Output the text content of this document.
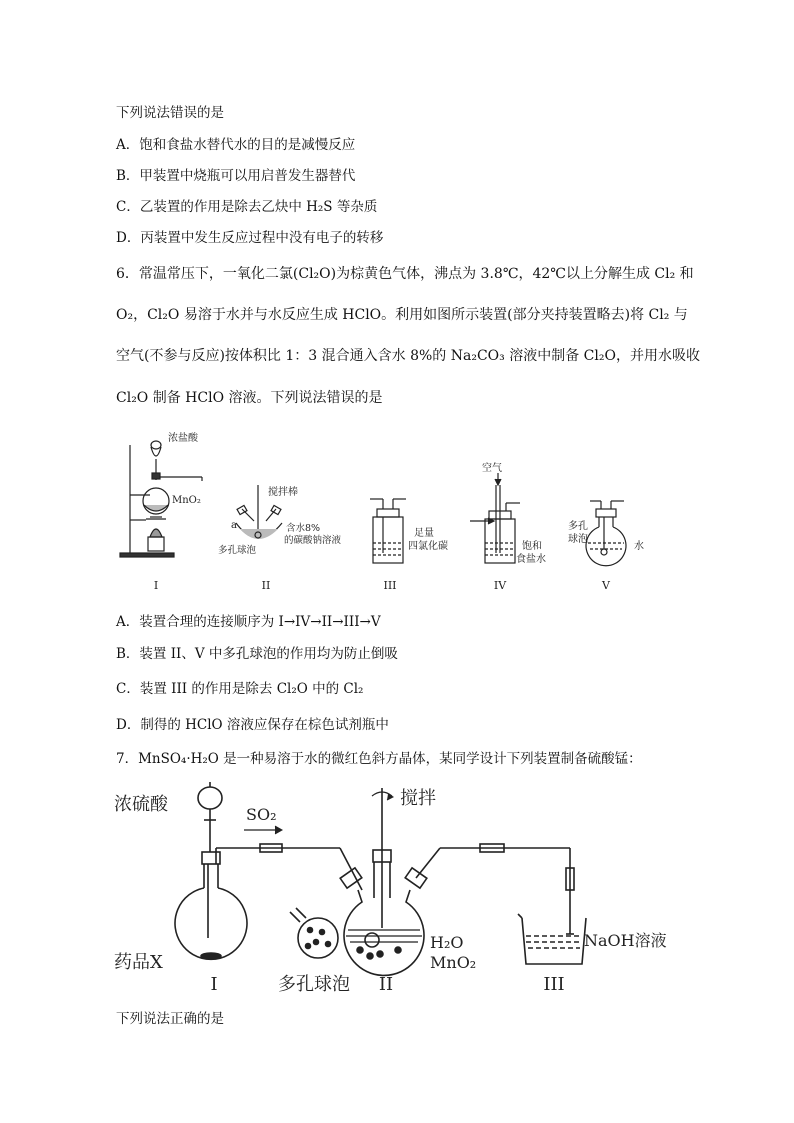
下列说法错误的是
A．饱和食盐水替代水的目的是减慢反应
B．甲装置中烧瓶可以用启普发生器替代
C．乙装置的作用是除去乙炔中 H₂S 等杂质
D．丙装置中发生反应过程中没有电子的转移
6．常温常压下，一氧化二氯(Cl₂O)为棕黄色气体，沸点为 3.8℃，42℃以上分解生成 Cl₂ 和
O₂，Cl₂O 易溶于水并与水反应生成 HClO。利用如图所示装置(部分夹持装置略去)将 Cl₂ 与
空气(不参与反应)按体积比 1：3 混合通入含水 8%的 Na₂CO₃ 溶液中制备 Cl₂O，并用水吸收
Cl₂O 制备 HClO 溶液。下列说法错误的是
浓盐酸
MnO₂
I
搅拌棒
a	含水8%
的碳酸钠溶液
多孔球泡
II
足量
四氯化碳
III
空气
饱和
食盐水
IV
多孔
球泡
水
V
A．装置合理的连接顺序为 I→IV→II→III→V
B．装置 II、V 中多孔球泡的作用均为防止倒吸
C．装置 III 的作用是除去 Cl₂O 中的 Cl₂
D．制得的 HClO 溶液应保存在棕色试剂瓶中
7．MnSO₄·H₂O 是一种易溶于水的微红色斜方晶体，某同学设计下列装置制备硫酸锰：
浓硫酸	SO₂
药品X
I
搅拌
H₂O
MnO₂
II
多孔球泡
NaOH溶液
III
下列说法正确的是
